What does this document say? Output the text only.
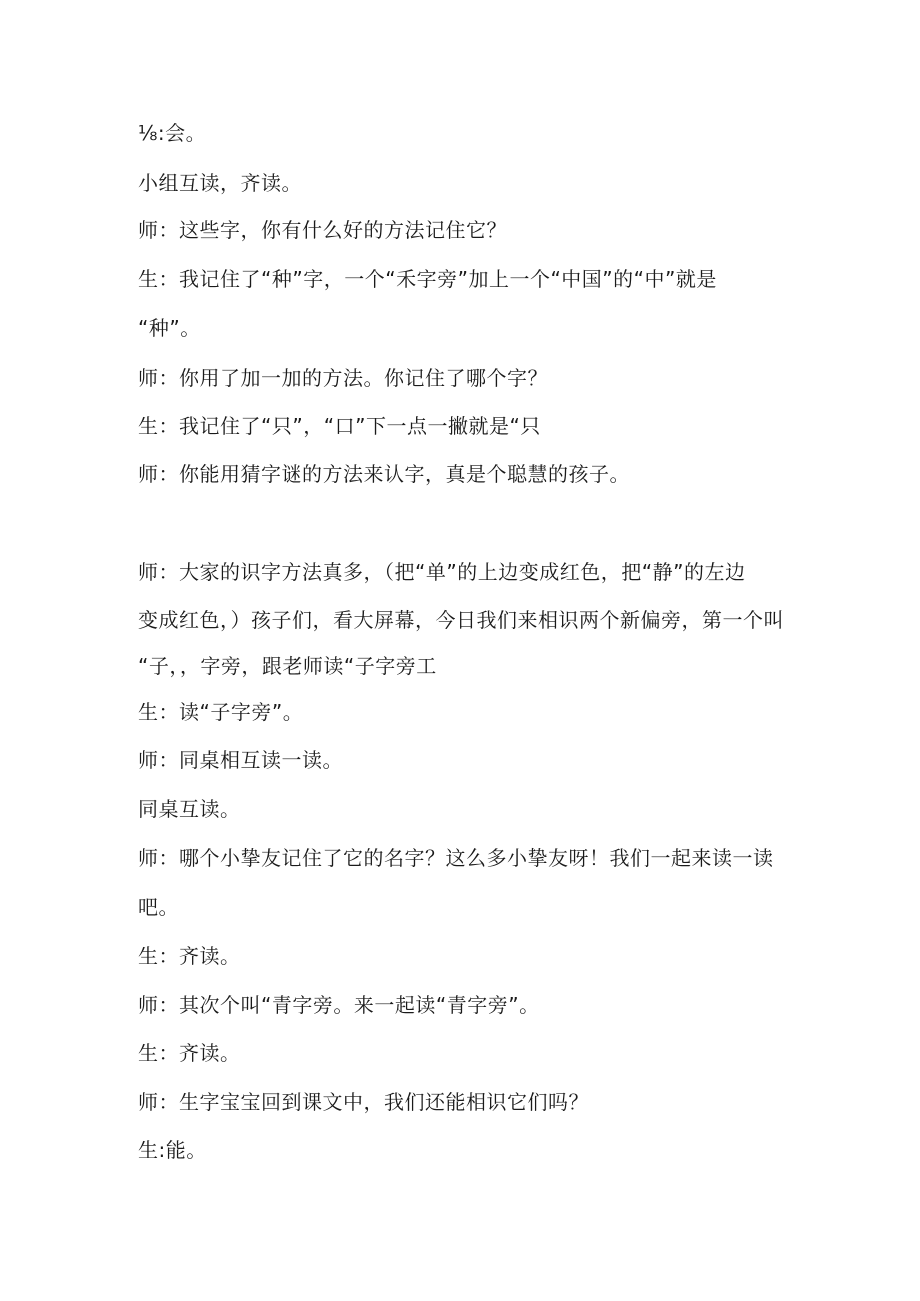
⅛:会。

小组互读，齐读。

师：这些字，你有什么好的方法记住它？

生：我记住了“种”字，一个“禾字旁”加上一个“中国”的“中”就是

“种”。

师：你用了加一加的方法。你记住了哪个字？

生：我记住了“只”，“口”下一点一撇就是“只

师：你能用猜字谜的方法来认字，真是个聪慧的孩子。

师：大家的识字方法真多，（把“单”的上边变成红色，把“静”的左边

变成红色，）孩子们，看大屏幕，今日我们来相识两个新偏旁，第一个叫

“子，，字旁，跟老师读“子字旁工

生：读“子字旁”。

师：同桌相互读一读。

同桌互读。

师：哪个小挚友记住了它的名字？这么多小挚友呀！我们一起来读一读

吧。

生：齐读。

师：其次个叫“青字旁。来一起读“青字旁”。

生：齐读。

师：生字宝宝回到课文中，我们还能相识它们吗？

生:能。
